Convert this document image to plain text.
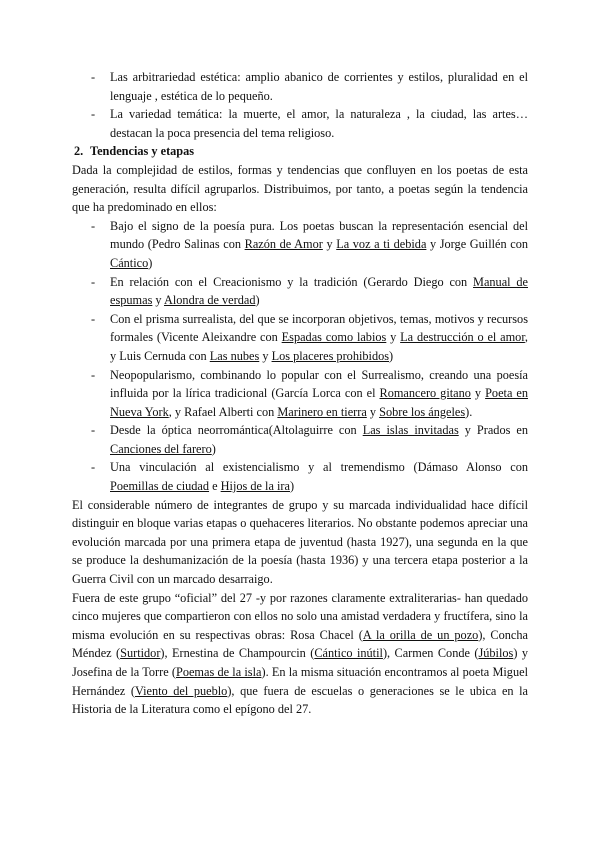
- Las arbitrariedad estética: amplio abanico de corrientes y estilos, pluralidad en el lenguaje , estética de lo pequeño.
- La variedad temática: la muerte, el amor, la naturaleza , la ciudad, las artes… destacan la poca presencia del tema religioso.
2. Tendencias y etapas

Dada la complejidad de estilos, formas y tendencias que confluyen en los poetas de esta generación, resulta difícil agruparlos. Distribuimos, por tanto, a poetas según la tendencia que ha predominado en ellos:

- Bajo el signo de la poesía pura. Los poetas buscan la representación esencial del mundo (Pedro Salinas con Razón de Amor y La voz a ti debida y Jorge Guillén con Cántico)
- En relación con el Creacionismo y la tradición (Gerardo Diego con Manual de espumas y Alondra de verdad)
- Con el prisma surrealista, del que se incorporan objetivos, temas, motivos y recursos formales (Vicente Aleixandre con Espadas como labios y La destrucción o el amor, y Luis Cernuda con Las nubes y Los placeres prohibidos)
- Neopopularismo, combinando lo popular con el Surrealismo, creando una poesía influida por la lírica tradicional (García Lorca con el Romancero gitano y Poeta en Nueva York, y Rafael Alberti con Marinero en tierra y Sobre los ángeles).
- Desde la óptica neorromántica(Altolaguirre con Las islas invitadas y Prados en Canciones del farero)
- Una vinculación al existencialismo y al tremendismo (Dámaso Alonso con Poemillas de ciudad e Hijos de la ira)

El considerable número de integrantes de grupo y su marcada individualidad hace difícil distinguir en bloque varias etapas o quehaceres literarios. No obstante podemos apreciar una evolución marcada por una primera etapa de juventud (hasta 1927), una segunda en la que se produce la deshumanización de la poesía (hasta 1936) y una tercera etapa posterior a la Guerra Civil con un marcado desarraigo.

Fuera de este grupo “oficial” del 27 -y por razones claramente extraliterarias- han quedado cinco mujeres que compartieron con ellos no solo una amistad verdadera y fructífera, sino la misma evolución en su respectivas obras: Rosa Chacel (A la orilla de un pozo), Concha Méndez (Surtidor), Ernestina de Champourcin (Cántico inútil), Carmen Conde (Júbilos) y Josefina de la Torre (Poemas de la isla). En la misma situación encontramos al poeta Miguel Hernández (Viento del pueblo), que fuera de escuelas o generaciones se le ubica en la Historia de la Literatura como el epígono del 27.
